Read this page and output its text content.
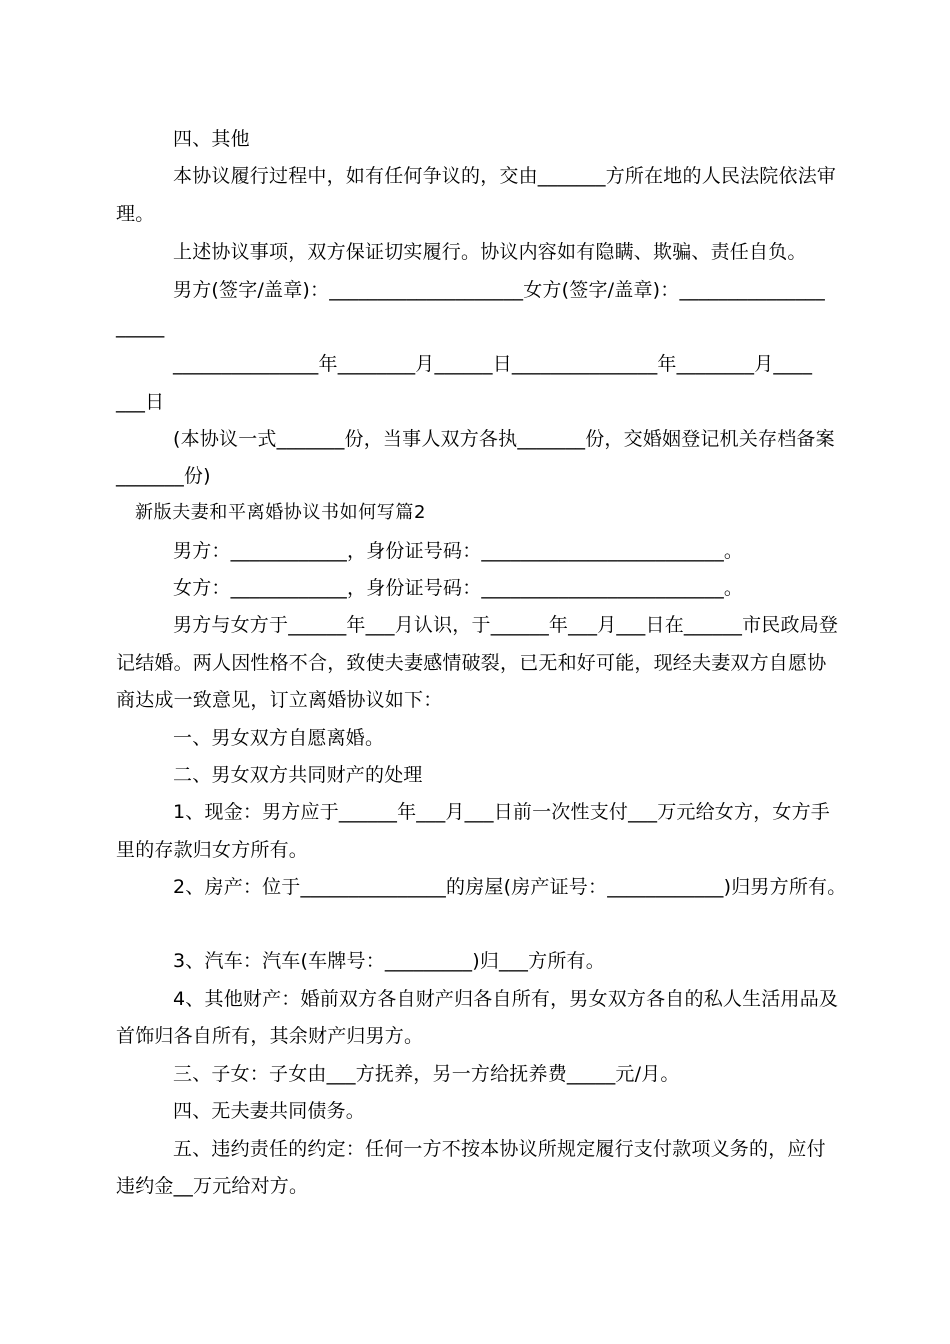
四、其他
本协议履行过程中，如有任何争议的，交由_______方所在地的人民法院依法审
理。
上述协议事项，双方保证切实履行。协议内容如有隐瞒、欺骗、责任自负。
男方(签字/盖章)：____________________女方(签字/盖章)：_______________
_____
_______________年________月______日_______________年________月____
___日
(本协议一式_______份，当事人双方各执_______份，交婚姻登记机关存档备案
_______份)
新版夫妻和平离婚协议书如何写篇2
男方：____________，身份证号码：_________________________。
女方：____________，身份证号码：_________________________。
男方与女方于______年___月认识，于______年___月___日在______市民政局登
记结婚。两人因性格不合，致使夫妻感情破裂，已无和好可能，现经夫妻双方自愿协
商达成一致意见，订立离婚协议如下：
一、男女双方自愿离婚。
二、男女双方共同财产的处理
1、现金：男方应于______年___月___日前一次性支付___万元给女方，女方手
里的存款归女方所有。
2、房产：位于_______________的房屋(房产证号：____________)归男方所有。
3、汽车：汽车(车牌号：_________)归___方所有。
4、其他财产：婚前双方各自财产归各自所有，男女双方各自的私人生活用品及
首饰归各自所有，其余财产归男方。
三、子女：子女由___方抚养，另一方给抚养费_____元/月。
四、无夫妻共同债务。
五、违约责任的约定：任何一方不按本协议所规定履行支付款项义务的，应付
违约金__万元给对方。
